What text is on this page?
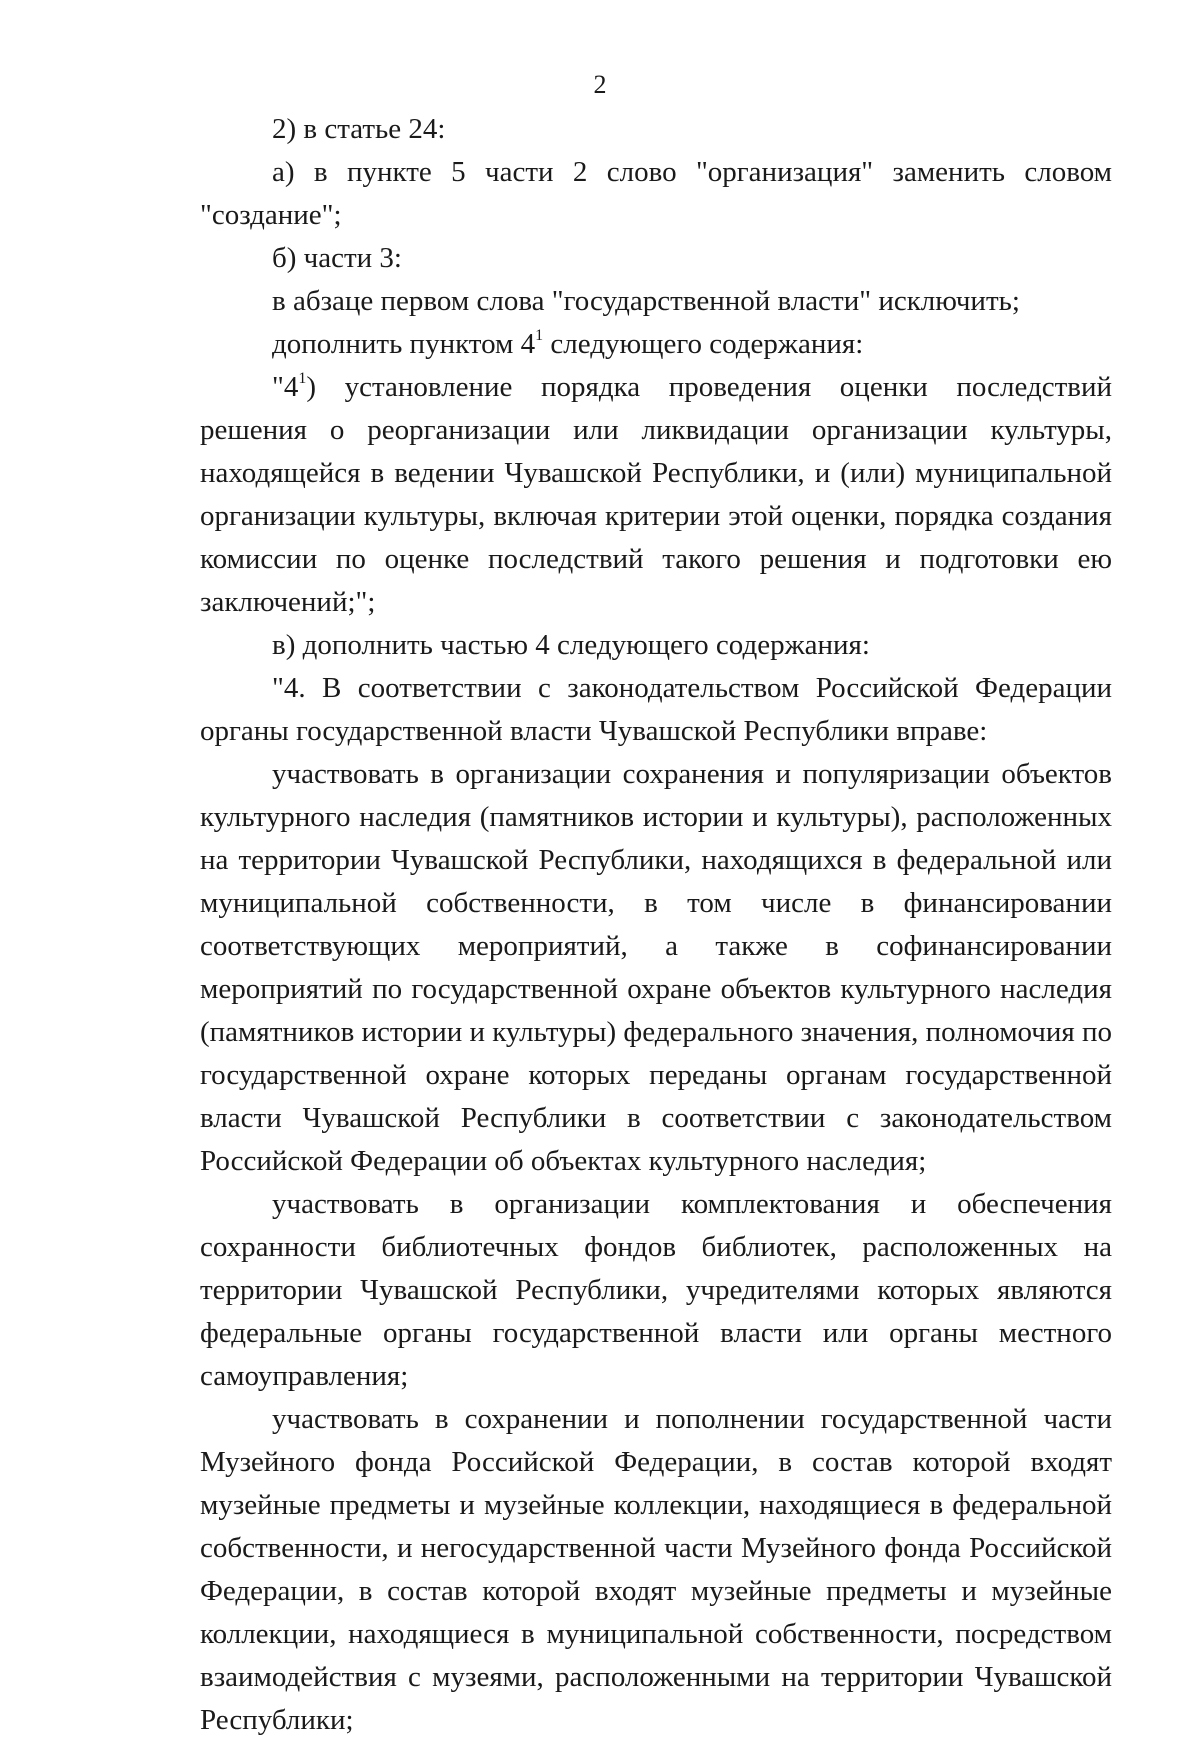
2

2) в статье 24:

а) в пункте 5 части 2 слово "организация" заменить словом "создание";

б) части 3:

в абзаце первом слова "государственной власти" исключить;

дополнить пунктом $4^1$ следующего содержания:

"$4^1$) установление порядка проведения оценки последствий решения о реорганизации или ликвидации организации культуры, находящейся в ведении Чувашской Республики, и (или) муниципальной организации культуры, включая критерии этой оценки, порядка создания комиссии по оценке последствий такого решения и подготовки ею заключений;";

в) дополнить частью 4 следующего содержания:

"4. В соответствии с законодательством Российской Федерации органы государственной власти Чувашской Республики вправе:

участвовать в организации сохранения и популяризации объектов культурного наследия (памятников истории и культуры), расположенных на территории Чувашской Республики, находящихся в федеральной или муниципальной собственности, в том числе в финансировании соответствующих мероприятий, а также в софинансировании мероприятий по государственной охране объектов культурного наследия (памятников истории и культуры) федерального значения, полномочия по государственной охране которых переданы органам государственной власти Чувашской Республики в соответствии с законодательством Российской Федерации об объектах культурного наследия;

участвовать в организации комплектования и обеспечения сохранности библиотечных фондов библиотек, расположенных на территории Чувашской Республики, учредителями которых являются федеральные органы государственной власти или органы местного самоуправления;

участвовать в сохранении и пополнении государственной части Музейного фонда Российской Федерации, в состав которой входят музейные предметы и музейные коллекции, находящиеся в федеральной собственности, и негосударственной части Музейного фонда Российской Федерации, в состав которой входят музейные предметы и музейные коллекции, находящиеся в муниципальной собственности, посредством взаимодействия с музеями, расположенными на территории Чувашской Республики;
